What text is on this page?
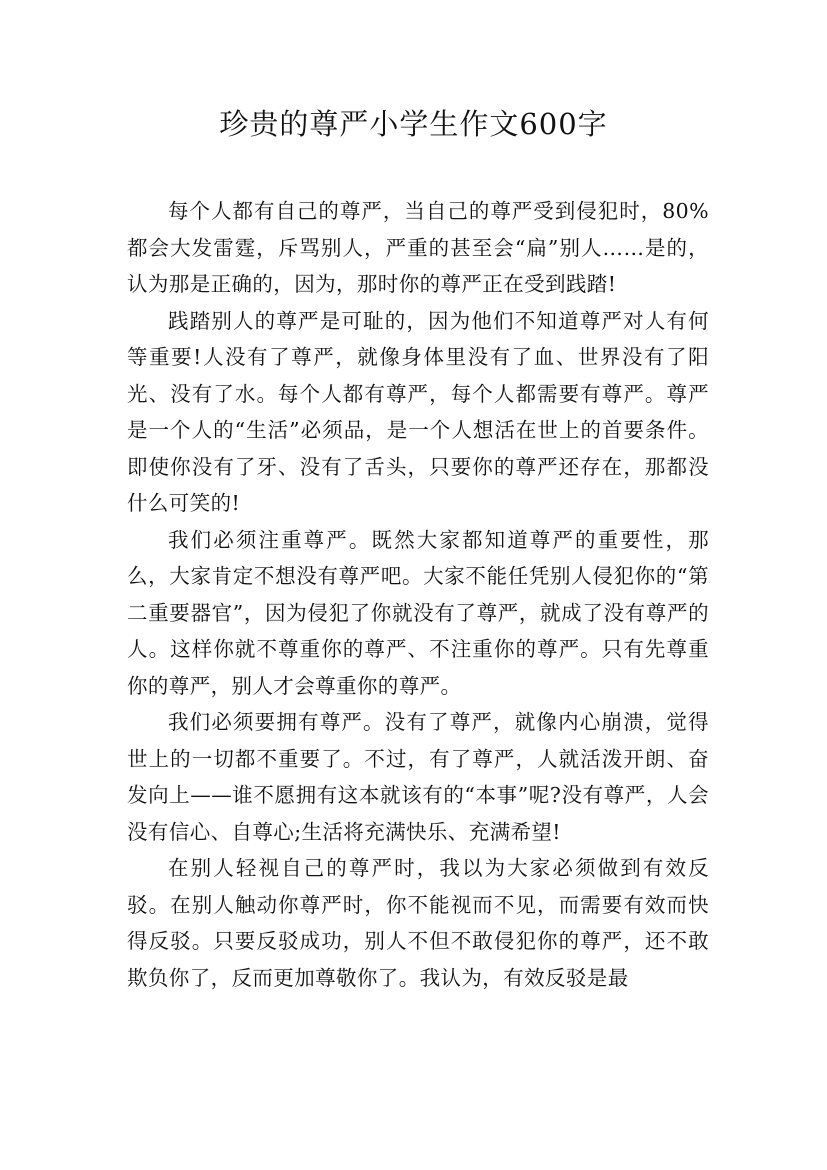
珍贵的尊严小学生作文600字

每个人都有自己的尊严，当自己的尊严受到侵犯时，80%都会大发雷霆，斥骂别人，严重的甚至会“扁”别人……是的，认为那是正确的，因为，那时你的尊严正在受到践踏!

践踏别人的尊严是可耻的，因为他们不知道尊严对人有何等重要!人没有了尊严，就像身体里没有了血、世界没有了阳光、没有了水。每个人都有尊严，每个人都需要有尊严。尊严是一个人的“生活”必须品，是一个人想活在世上的首要条件。即使你没有了牙、没有了舌头，只要你的尊严还存在，那都没什么可笑的!

我们必须注重尊严。既然大家都知道尊严的重要性，那么，大家肯定不想没有尊严吧。大家不能任凭别人侵犯你的“第二重要器官”，因为侵犯了你就没有了尊严，就成了没有尊严的人。这样你就不尊重你的尊严、不注重你的尊严。只有先尊重你的尊严，别人才会尊重你的尊严。

我们必须要拥有尊严。没有了尊严，就像内心崩溃，觉得世上的一切都不重要了。不过，有了尊严，人就活泼开朗、奋发向上——谁不愿拥有这本就该有的“本事”呢?没有尊严，人会没有信心、自尊心;生活将充满快乐、充满希望!

在别人轻视自己的尊严时，我以为大家必须做到有效反驳。在别人触动你尊严时，你不能视而不见，而需要有效而快得反驳。只要反驳成功，别人不但不敢侵犯你的尊严，还不敢欺负你了，反而更加尊敬你了。我认为，有效反驳是最
